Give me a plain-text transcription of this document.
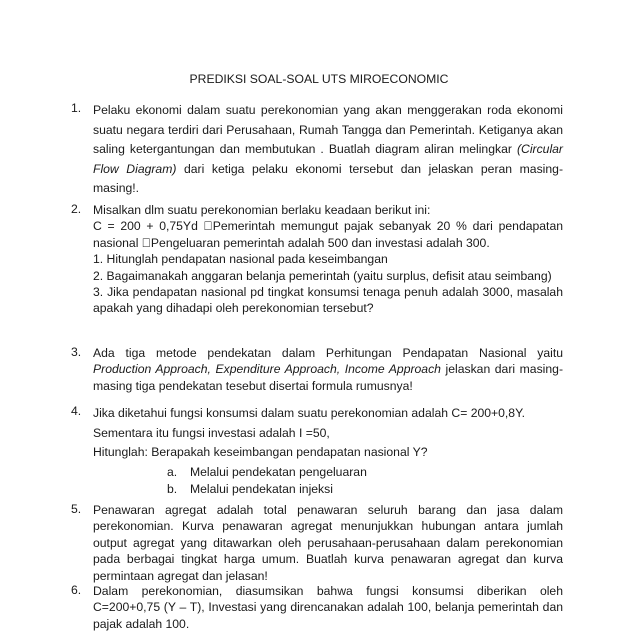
PREDIKSI SOAL-SOAL UTS MIROECONOMIC
1. Pelaku ekonomi dalam suatu perekonomian yang akan menggerakan roda ekonomi suatu negara terdiri dari Perusahaan, Rumah Tangga dan Pemerintah. Ketiganya akan saling ketergantungan dan membutukan . Buatlah diagram aliran melingkar (Circular Flow Diagram) dari ketiga pelaku ekonomi tersebut dan jelaskan peran masing-masing!.

2. Misalkan dlm suatu perekonomian berlaku keadaan berikut ini:

C = 200 + 0,75Yd Pemerintah memungut pajak sebanyak 20 % dari pendapatan nasional Pengeluaran pemerintah adalah 500 dan investasi adalah 300.

1. Hitunglah pendapatan nasional pada keseimbangan

2. Bagaimanakah anggaran belanja pemerintah (yaitu surplus, defisit atau seimbang)

3. Jika pendapatan nasional pd tingkat konsumsi tenaga penuh adalah 3000, masalah apakah yang dihadapi oleh perekonomian tersebut?

3. Ada tiga metode pendekatan dalam Perhitungan Pendapatan Nasional yaitu Production Approach, Expenditure Approach, Income Approach jelaskan dari masing-masing tiga pendekatan tesebut disertai formula rumusnya!

4. Jika diketahui fungsi konsumsi dalam suatu perekonomian adalah C= 200+0,8Y.

Sementara itu fungsi investasi adalah I =50,

Hitunglah: Berapakah keseimbangan pendapatan nasional Y?

a. Melalui pendekatan pengeluaran

b. Melalui pendekatan injeksi

5. Penawaran agregat adalah total penawaran seluruh barang dan jasa dalam perekonomian. Kurva penawaran agregat menunjukkan hubungan antara jumlah output agregat yang ditawarkan oleh perusahaan-perusahaan dalam perekonomian pada berbagai tingkat harga umum. Buatlah kurva penawaran agregat dan kurva permintaan agregat dan jelasan!

6. Dalam perekonomian, diasumsikan bahwa fungsi konsumsi diberikan oleh C=200+0,75 (Y – T), Investasi yang direncanakan adalah 100, belanja pemerintah dan pajak adalah 100.
